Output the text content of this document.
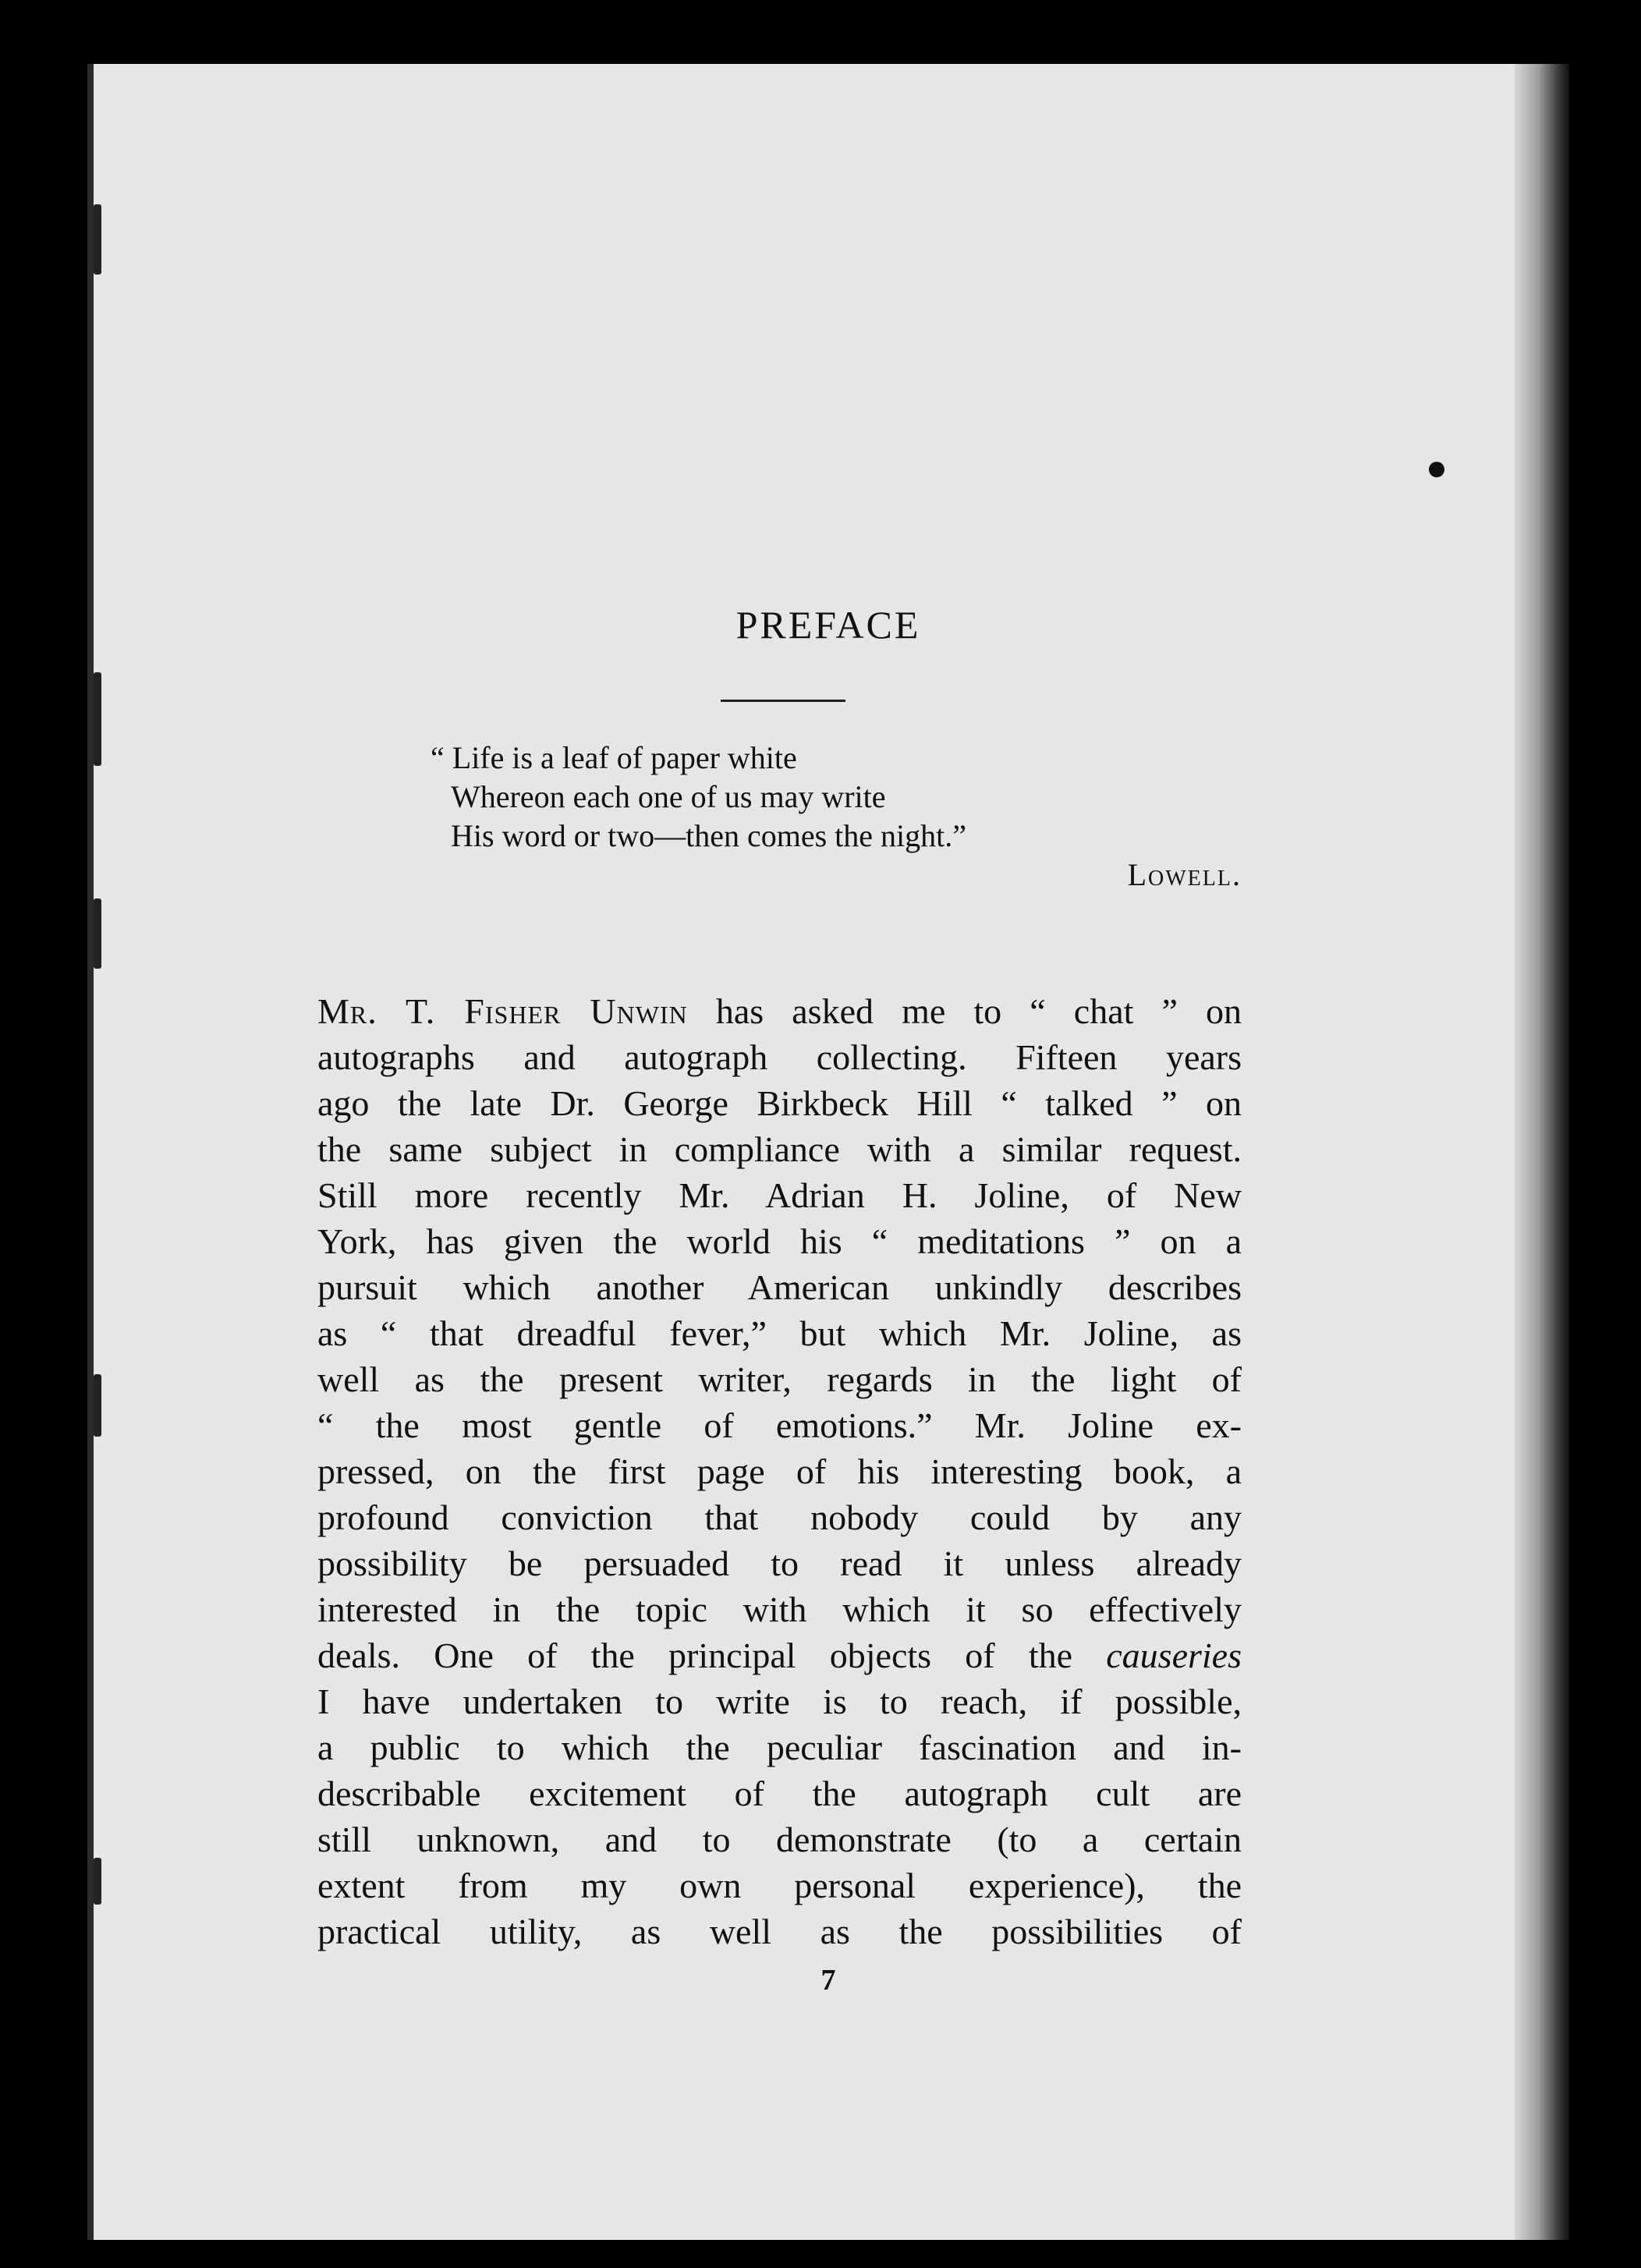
PREFACE
“ Life is a leaf of paper white
Whereon each one of us may write
His word or two—then comes the night.”
Lowell.
Mr. T. Fisher Unwin has asked me to “ chat ” on
autographs and autograph collecting. Fifteen years
ago the late Dr. George Birkbeck Hill “ talked ” on
the same subject in compliance with a similar request.
Still more recently Mr. Adrian H. Joline, of New
York, has given the world his “ meditations ” on a
pursuit which another American unkindly describes
as “ that dreadful fever,” but which Mr. Joline, as
well as the present writer, regards in the light of
“ the most gentle of emotions.” Mr. Joline ex-
pressed, on the first page of his interesting book, a
profound conviction that nobody could by any
possibility be persuaded to read it unless already
interested in the topic with which it so effectively
deals. One of the principal objects of the causeries
I have undertaken to write is to reach, if possible,
a public to which the peculiar fascination and in-
describable excitement of the autograph cult are
still unknown, and to demonstrate (to a certain
extent from my own personal experience), the
practical utility, as well as the possibilities of
7
